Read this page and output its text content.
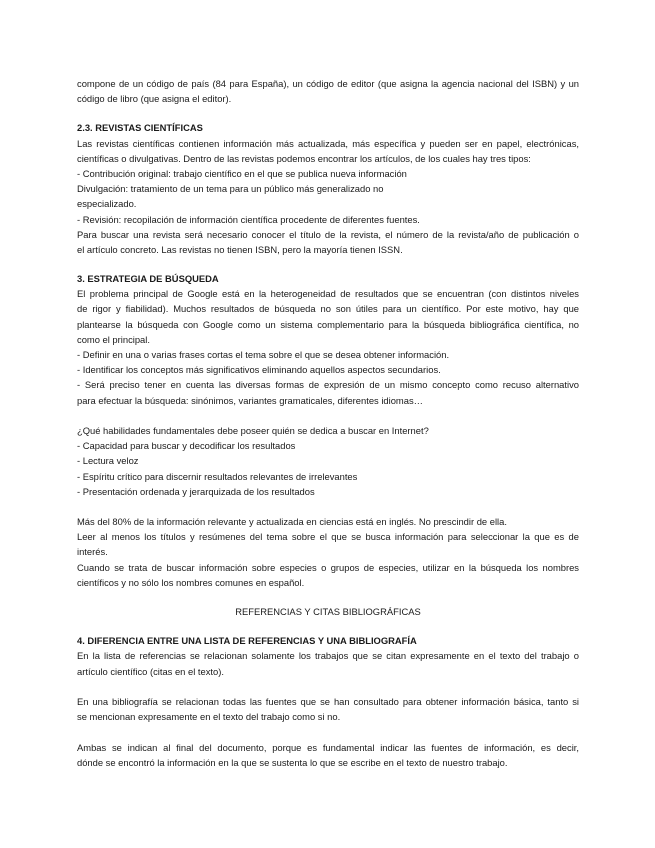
compone de un código de país (84 para España), un código de editor (que asigna la agencia nacional del ISBN) y un
código de libro (que asigna el editor).
2.3. REVISTAS CIENTÍFICAS
Las revistas científicas contienen información más actualizada, más específica y pueden ser en papel, electrónicas,
científicas o divulgativas. Dentro de las revistas podemos encontrar los artículos, de los cuales hay tres tipos:
- Contribución original: trabajo científico en el que se publica nueva información
Divulgación: tratamiento de un tema para un público más generalizado no
especializado.
- Revisión: recopilación de información científica procedente de diferentes fuentes.
Para buscar una revista será necesario conocer el título de la revista, el número de la revista/año de publicación o
el artículo concreto. Las revistas no tienen ISBN, pero la mayoría tienen ISSN.
3. ESTRATEGIA DE BÚSQUEDA
El problema principal de Google está en la heterogeneidad de resultados que se encuentran (con distintos niveles
de rigor y fiabilidad). Muchos resultados de búsqueda no son útiles para un científico. Por este motivo, hay que
plantearse la búsqueda con Google como un sistema complementario para la búsqueda bibliográfica científica, no
como el principal.
- Definir en una o varias frases cortas el tema sobre el que se desea obtener información.
- Identificar los conceptos más significativos eliminando aquellos aspectos secundarios.
- Será preciso tener en cuenta las diversas formas de expresión de un mismo concepto como recuso alternativo
para efectuar la búsqueda: sinónimos, variantes gramaticales, diferentes idiomas…
¿Qué habilidades fundamentales debe poseer quién se dedica a buscar en Internet?
- Capacidad para buscar y decodificar los resultados
- Lectura veloz
- Espíritu crítico para discernir resultados relevantes de irrelevantes
- Presentación ordenada y jerarquizada de los resultados
Más del 80% de la información relevante y actualizada en ciencias está en inglés. No prescindir de ella.
Leer al menos los títulos y resúmenes del tema sobre el que se busca información para seleccionar la que es de
interés.
Cuando se trata de buscar información sobre especies o grupos de especies, utilizar en la búsqueda los nombres
científicos y no sólo los nombres comunes en español.
REFERENCIAS Y CITAS BIBLIOGRÁFICAS
4. DIFERENCIA ENTRE UNA LISTA DE REFERENCIAS Y UNA BIBLIOGRAFÍA
En la lista de referencias se relacionan solamente los trabajos que se citan expresamente en el texto del trabajo o
artículo científico (citas en el texto).
En una bibliografía se relacionan todas las fuentes que se han consultado para obtener información básica, tanto si
se mencionan expresamente en el texto del trabajo como si no.
Ambas se indican al final del documento, porque es fundamental indicar las fuentes de información, es decir,
dónde se encontró la información en la que se sustenta lo que se escribe en el texto de nuestro trabajo.
